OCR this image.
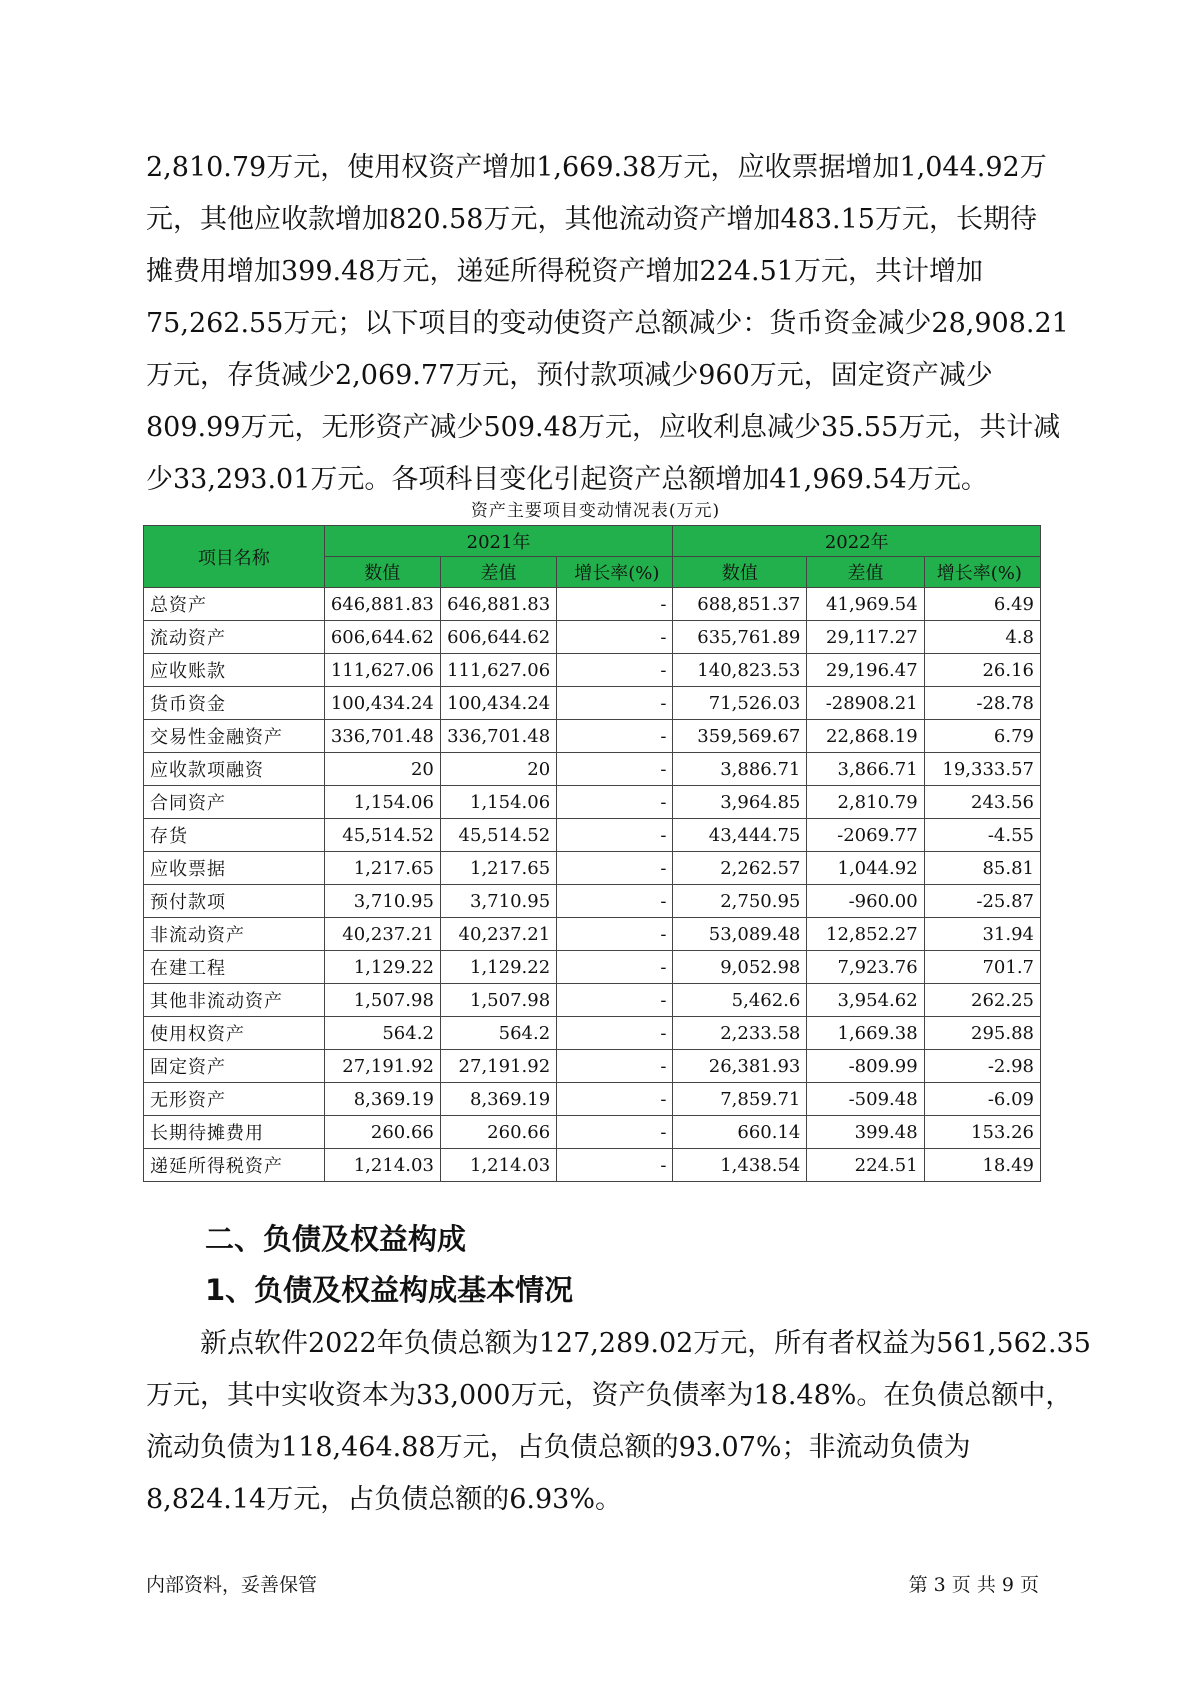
2,810.79万元，使用权资产增加1,669.38万元，应收票据增加1,044.92万
元，其他应收款增加820.58万元，其他流动资产增加483.15万元，长期待
摊费用增加399.48万元，递延所得税资产增加224.51万元，共计增加
75,262.55万元；以下项目的变动使资产总额减少：货币资金减少28,908.21
万元，存货减少2,069.77万元，预付款项减少960万元，固定资产减少
809.99万元，无形资产减少509.48万元，应收利息减少35.55万元，共计减
少33,293.01万元。各项科目变化引起资产总额增加41,969.54万元。
资产主要项目变动情况表(万元)
项目名称	2021年			2022年		
	数值	差值	增长率(%)	数值	差值	增长率(%)
总资产	646,881.83	646,881.83	-	688,851.37	41,969.54	6.49
流动资产	606,644.62	606,644.62	-	635,761.89	29,117.27	4.8
应收账款	111,627.06	111,627.06	-	140,823.53	29,196.47	26.16
货币资金	100,434.24	100,434.24	-	71,526.03	-28908.21	-28.78
交易性金融资产	336,701.48	336,701.48	-	359,569.67	22,868.19	6.79
应收款项融资	20	20	-	3,886.71	3,866.71	19,333.57
合同资产	1,154.06	1,154.06	-	3,964.85	2,810.79	243.56
存货	45,514.52	45,514.52	-	43,444.75	-2069.77	-4.55
应收票据	1,217.65	1,217.65	-	2,262.57	1,044.92	85.81
预付款项	3,710.95	3,710.95	-	2,750.95	-960.00	-25.87
非流动资产	40,237.21	40,237.21	-	53,089.48	12,852.27	31.94
在建工程	1,129.22	1,129.22	-	9,052.98	7,923.76	701.7
其他非流动资产	1,507.98	1,507.98	-	5,462.6	3,954.62	262.25
使用权资产	564.2	564.2	-	2,233.58	1,669.38	295.88
固定资产	27,191.92	27,191.92	-	26,381.93	-809.99	-2.98
无形资产	8,369.19	8,369.19	-	7,859.71	-509.48	-6.09
长期待摊费用	260.66	260.66	-	660.14	399.48	153.26
递延所得税资产	1,214.03	1,214.03	-	1,438.54	224.51	18.49
二、负债及权益构成
1、负债及权益构成基本情况
新点软件2022年负债总额为127,289.02万元，所有者权益为561,562.35
万元，其中实收资本为33,000万元，资产负债率为18.48%。在负债总额中，
流动负债为118,464.88万元，占负债总额的93.07%；非流动负债为
8,824.14万元，占负债总额的6.93%。
内部资料，妥善保管	第 3 页 共 9 页
